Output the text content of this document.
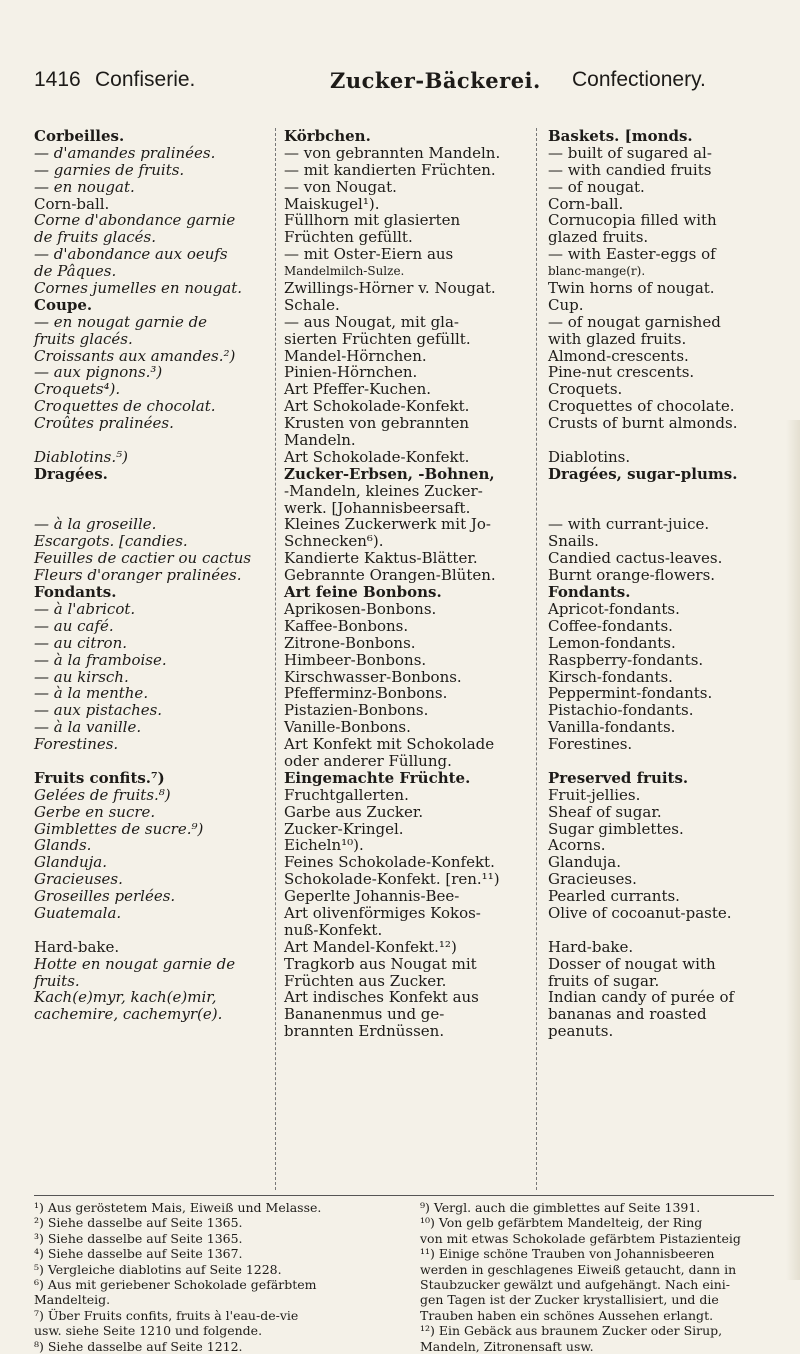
1416 Confiserie.	Zucker-Bäckerei. Confectionery.
Corbeilles.
— d'amandes pralinées.
— garnies de fruits.
— en nougat.
Corn-ball.
Corne d'abondance garnie
de fruits glacés.
— d'abondance aux oeufs
de Pâques.
Cornes jumelles en nougat.
Coupe.
— en nougat garnie de
fruits glacés.
Croissants aux amandes.²)
— aux pignons.³)
Croquets⁴).
Croquettes de chocolat.
Croûtes pralinées.
Diablotins.⁵)
Dragées.
— à la groseille.
Escargots. [candies.
Feuilles de cactier ou cactus
Fleurs d'oranger pralinées.
Fondants.
— à l'abricot.
— au café.
— au citron.
— à la framboise.
— au kirsch.
— à la menthe.
— aux pistaches.
— à la vanille.
Forestines.
Fruits confits.⁷)
Gelées de fruits.⁸)
Gerbe en sucre.
Gimblettes de sucre.⁹)
Glands.
Glanduja.
Gracieuses.
Groseilles perlées.
Guatemala.
Hard-bake.
Hotte en nougat garnie de
fruits.
Kach(e)myr, kach(e)mir,
cachemire, cachemyr(e).
Körbchen.
— von gebrannten Mandeln.
— mit kandierten Früchten.
— von Nougat.
Maiskugel¹).
Füllhorn mit glasierten
Früchten gefüllt.
— mit Oster-Eiern aus
Mandelmilch-Sulze.
Zwillings-Hörner v. Nougat.
Schale.
— aus Nougat, mit gla-
sierten Früchten gefüllt.
Mandel-Hörnchen.
Pinien-Hörnchen.
Art Pfeffer-Kuchen.
Art Schokolade-Konfekt.
Krusten von gebrannten
Mandeln.
Art Schokolade-Konfekt.
Zucker-Erbsen, -Bohnen,
-Mandeln, kleines Zucker-
werk. [Johannisbeersaft.
Kleines Zuckerwerk mit Jo-
Schnecken⁶).
Kandierte Kaktus-Blätter.
Gebrannte Orangen-Blüten.
Art feine Bonbons.
Aprikosen-Bonbons.
Kaffee-Bonbons.
Zitrone-Bonbons.
Himbeer-Bonbons.
Kirschwasser-Bonbons.
Pfefferminz-Bonbons.
Pistazien-Bonbons.
Vanille-Bonbons.
Art Konfekt mit Schokolade
oder anderer Füllung.
Eingemachte Früchte.
Fruchtgallerten.
Garbe aus Zucker.
Zucker-Kringel.
Eicheln¹⁰).
Feines Schokolade-Konfekt.
Schokolade-Konfekt. [ren.¹¹)
Geperlte Johannis-Bee-
Art olivenförmiges Kokos-
nuß-Konfekt.
Art Mandel-Konfekt.¹²)
Tragkorb aus Nougat mit
Früchten aus Zucker.
Art indisches Konfekt aus
Bananenmus und ge-
brannten Erdnüssen.
Baskets. [monds.
— built of sugared al-
— with candied fruits
— of nougat.
Corn-ball.
Cornucopia filled with
glazed fruits.
— with Easter-eggs of
blanc-mange(r).
Twin horns of nougat.
Cup.
— of nougat garnished
with glazed fruits.
Almond-crescents.
Pine-nut crescents.
Croquets.
Croquettes of chocolate.
Crusts of burnt almonds.
Diablotins.
Dragées, sugar-plums.
— with currant-juice.
Snails.
Candied cactus-leaves.
Burnt orange-flowers.
Fondants.
Apricot-fondants.
Coffee-fondants.
Lemon-fondants.
Raspberry-fondants.
Kirsch-fondants.
Peppermint-fondants.
Pistachio-fondants.
Vanilla-fondants.
Forestines.
Preserved fruits.
Fruit-jellies.
Sheaf of sugar.
Sugar gimblettes.
Acorns.
Glanduja.
Gracieuses.
Pearled currants.
Olive of cocoanut-paste.
Hard-bake.
Dosser of nougat with
fruits of sugar.
Indian candy of purée of
bananas and roasted
peanuts.
¹) Aus geröstetem Mais, Eiweiß und Melasse.
²) Siehe dasselbe auf Seite 1365.
³) Siehe dasselbe auf Seite 1365.
⁴) Siehe dasselbe auf Seite 1367.
⁵) Vergleiche diablotins auf Seite 1228.
⁶) Aus mit geriebener Schokolade gefärbtem
Mandelteig.
⁷) Über Fruits confits, fruits à l'eau-de-vie
usw. siehe Seite 1210 und folgende.
⁸) Siehe dasselbe auf Seite 1212.
⁹) Vergl. auch die gimblettes auf Seite 1391.
¹⁰) Von gelb gefärbtem Mandelteig, der Ring
von mit etwas Schokolade gefärbtem Pistazienteig
¹¹) Einige schöne Trauben von Johannisbeeren
werden in geschlagenes Eiweiß getaucht, dann in
Staubzucker gewälzt und aufgehängt. Nach eini-
gen Tagen ist der Zucker krystallisiert, und die
Trauben haben ein schönes Aussehen erlangt.
¹²) Ein Gebäck aus braunem Zucker oder Sirup,
Mandeln, Zitronensaft usw.
